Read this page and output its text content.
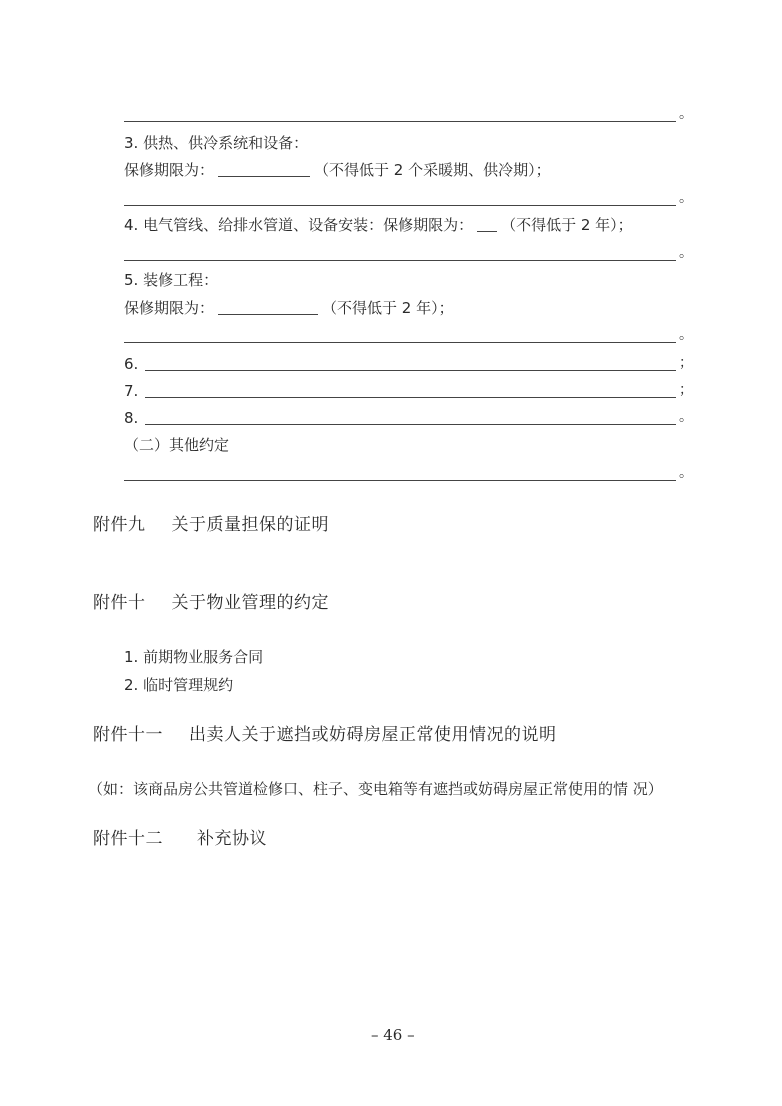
。
3. 供热、供冷系统和设备：
保修期限为：	（不得低于 2 个采暖期、供冷期）；
。
4. 电气管线、给排水管道、设备安装：保修期限为： （不得低于 2 年）；
。
5. 装修工程：
保修期限为：	（不得低于 2 年）；
。
6.	；
7.	；
8.	。
（二）其他约定
。
附件九 关于质量担保的证明
附件十 关于物业管理的约定
1. 前期物业服务合同
2. 临时管理规约
附件十一 出卖人关于遮挡或妨碍房屋正常使用情况的说明
（如：该商品房公共管道检修口、柱子、变电箱等有遮挡或妨碍房屋正常使用的情 况）
附件十二 补充协议
– 46 –
